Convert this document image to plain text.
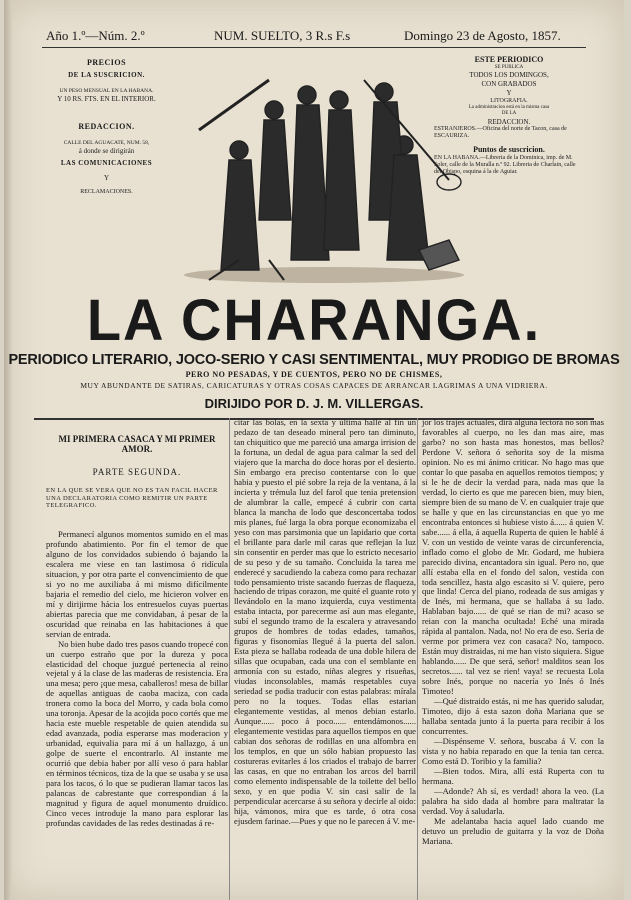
Año 1.º—Núm. 2.º	NUM. SUELTO, 3 R.s F.s	Domingo 23 de Agosto, 1857.
PRECIOS
DE LA SUSCRICION.
UN PESO MENSUAL EN LA HABANA.
Y 10 RS. FTS. EN EL INTERIOR.
REDACCION.
CALLE DEL AGUACATE, NUM. 58,
á donde se dirigirán
LAS COMUNICACIONES
Y
RECLAMACIONES.
ESTE PERIODICO
SE PUBLICA
TODOS LOS DOMINGOS,
CON GRABADOS
Y
LITOGRAFIA.
La administracion está en la misma casa
DE LA
REDACCION.
ESTRANJEROS.—Oficina del norte de Tacon, casa de ESCAURIZA.
Puntos de suscricion.
EN LA HABANA.—Libreria de la Dominica, imp. de M. Soler, calle de la Muralla n.º 92. Libreria de Charlain, calle del Obispo, esquina á la de Aguiar.
LA CHARANGA.
PERIODICO LITERARIO, JOCO-SERIO Y CASI SENTIMENTAL, MUY PRODIGO DE BROMAS
PERO NO PESADAS, Y DE CUENTOS, PERO NO DE CHISMES,
MUY ABUNDANTE DE SATIRAS, CARICATURAS Y OTRAS COSAS CAPACES DE ARRANCAR LAGRIMAS A UNA VIDRIERA.
DIRIJIDO POR D. J. M. VILLERGAS.
MI PRIMERA CASACA Y MI PRIMER AMOR.
PARTE SEGUNDA.
EN LA QUE SE VERA QUE NO ES TAN FACIL HACER UNA DECLARATORIA COMO REMITIR UN PARTE TELEGRAFICO.

Permanecí algunos momentos sumido en el mas profundo abatimiento. Por fin el temor de que alguno de los convidados subiendo ó bajando la escalera me viese en tan lastimosa ó ridícula situacion, y por otra parte el convencimiento de que si yo no me auxiliaba á mi mismo difícilmente bajaria el remedio del cielo, me hicieron volver en mí y dirijirme hácia los entresuelos cuyas puertas abiertas parecia que me convidaban, á pesar de la oscuridad que reinaba en las habitaciones á que servian de entrada.

No bien hube dado tres pasos cuando tropecé con un cuerpo estraño que por la dureza y poca elasticidad del choque juzgué pertenecia al reino vejetal y á la clase de las maderas de resistencia. Era una mesa; pero ¡que mesa, caballeros! mesa de billar de aquellas antiguas de caoba maciza, con cada tronera como la boca del Morro, y cada bola como una toronja. Apesar de la acojida poco cortés que me hacia este mueble respetable de quien atendida su edad avanzada, podia esperarse mas moderacion y urbanidad, equivalia para mí á un hallazgo, á un golpe de suerte el encontrarlo. Al instante me ocurrió que debia haber por allí veso ó para hablar en términos técnicos, tiza de la que se usaba y se usa para los tacos, ó lo que se pudieran llamar tacos las palancas de cabrestante que correspondian á la magnitud y figura de aquel monumento druídico. Cinco veces introduje la mano para esplorar las profundas cavidades de las redes destinadas á re-

citar las bolas, en la sexta y última hallé al fin un pedazo de tan deseado mineral pero tan diminuto, tan chiquitico que me pareció una amarga irrision de la fortuna, un dedal de agua para calmar la sed del viajero que la marcha do doce horas por el desierto. Sin embargo era preciso contentarse con lo que habia y puesto el pié sobre la reja de la ventana, á la incierta y trémula luz del farol que tenia pretension de alumbrar la calle, empecé á cubrir con carta blanca la mancha de lodo que desconcertaba todos mis planes, fué larga la obra porque economizaba el yeso con mas parsimonia que un lapidario que corta el brillante para darle mil caras que reflejan la luz sin consentir en perder mas que lo estricto necesario de su peso y de su tamaño. Concluida la tarea me enderecé y sacudiendo la cabeza como para rechazar todo pensamiento triste sacando fuerzas de flaqueza, haciendo de tripas corazon, me quité el guante roto y llevándolo en la mano izquierda, cuya vestimenta estaba intacta, por parecerme así aun mas elegante, subí el segundo tramo de la escalera y atravesando grupos de hombres de todas edades, tamaños, figuras y fisonomías llegué á la puerta del salon. Esta pieza se hallaba rodeada de una doble hilera de sillas que ocupaban, cada una con el semblante en armonía con su estado, niñas alegres y risueñas, viudas inconsolables, mamás respetables cuya seriedad se podia traducir con estas palabras: mírala pero no la toques. Todas ellas estarian elegantemente vestidas, al menos debian estarlo. Aunque...... poco á poco...... entendámonos...... elegantemente vestidas para aquellos tiempos en que cabian dos señoras de rodillas en una alfombra en los templos, en que un sólo habian propuesto las costureras evitarles á los criados el trabajo de barrer las casas, en que no entraban los arcos del barril como elemento indispensable de la toilette del bello sexo, y en que podia V. sin casi salir de la perpendicular acercarse á su señora y decirle al oido: hija, vámonos, mira que es tarde, ó otra cosa ejusdem farinae.—Pues y que no le parecen á V. me-

jor los trajes actuales, dirá alguna lectora no son mas favorables al cuerpo, no les dan mas aire, mas garbo? no son hasta mas honestos, mas bellos? Perdone V. señora ó señorita soy de la misma opinion. No es mi ánimo criticar. No hago mas que contar lo que pasaba en aquellos remotos tiempos; y si le he de decir la verdad para, nada mas que la verdad, lo cierto es que me parecen bien, muy bien, siempre bien de su mano de V. en cualquier traje que se halle y que en las circunstancias en que yo me encontraba entonces si hubiese visto á...... á quien V. sabe...... á ella, á aquella Ruperta de quien le hablé á V. con un vestido de veinte varas de circunferencia, inflado como el globo de Mr. Godard, me hubiera parecido divina, encantadora sin igual. Pero no, que allí estaba ella en el fondo del salon, vestida con toda sencillez, hasta algo escasito si V. quiere, pero que linda! Cerca del piano, rodeada de sus amigas y de Inés, mi hermana, que se hallaba á su lado. Hablaban bajo...... de qué se rian de mi? acaso se reian con la mancha ocultada! Eché una mirada rápida al pantalon. Nada, no! No era de eso. Seria de verme por primera vez con casaca? No, tampoco. Están muy distraidas, ni me han visto siquiera. Sigue hablando...... De que será, señor! malditos sean los secretos...... tal vez se rien! vaya! se recuesta Lola sobre Inés, porque no nacería yo Inés ó Inés Timoteo!

—Qué distraido estás, ni me has querido saludar, Timoteo, dijo á esta sazon doña Mariana que se hallaba sentada junto á la puerta para recibir á los concurrentes.

—Dispénseme V. señora, buscaba á V. con la vista y no habia reparado en que la tenia tan cerca. Como está D. Toribio y la familia?

—Bien todos. Mira, allí está Ruperta con tu hermana.

—Adonde? Ah sí, es verdad! ahora la veo. (La palabra ha sido dada al hombre para maltratar la verdad. Voy á saludarla.

Me adelantaba hacia aquel lado cuando me detuvo un preludio de guitarra y la voz de Doña Mariana.
